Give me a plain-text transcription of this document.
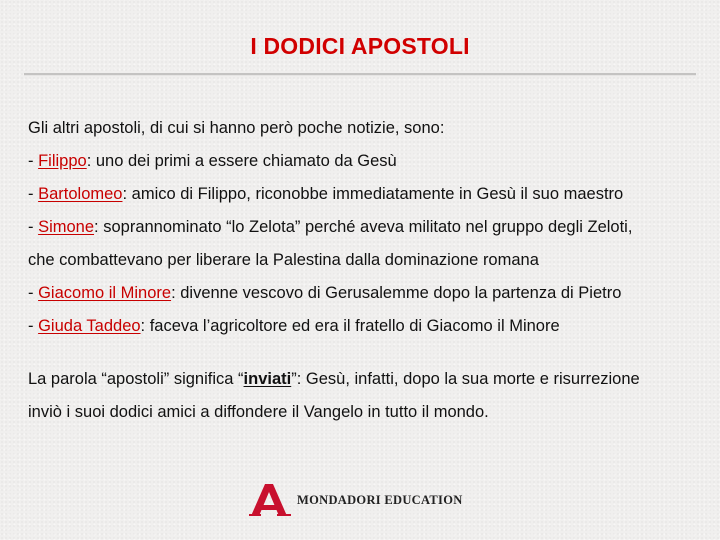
I DODICI APOSTOLI
Gli altri apostoli, di cui si hanno però poche notizie, sono:
- Filippo: uno dei primi a essere chiamato da Gesù
- Bartolomeo: amico di Filippo, riconobbe immediatamente in Gesù il suo maestro
- Simone: soprannominato “lo Zelota” perché aveva militato nel gruppo degli Zeloti,
che combattevano per liberare la Palestina dalla dominazione romana
- Giacomo il Minore: divenne vescovo di Gerusalemme dopo la partenza di Pietro
- Giuda Taddeo: faceva l’agricoltore ed era il fratello di Giacomo il Minore
La parola “apostoli” significa “inviati”: Gesù, infatti, dopo la sua morte e risurrezione
inviò i suoi dodici amici a diffondere il Vangelo in tutto il mondo.
MONDADORI EDUCATION
